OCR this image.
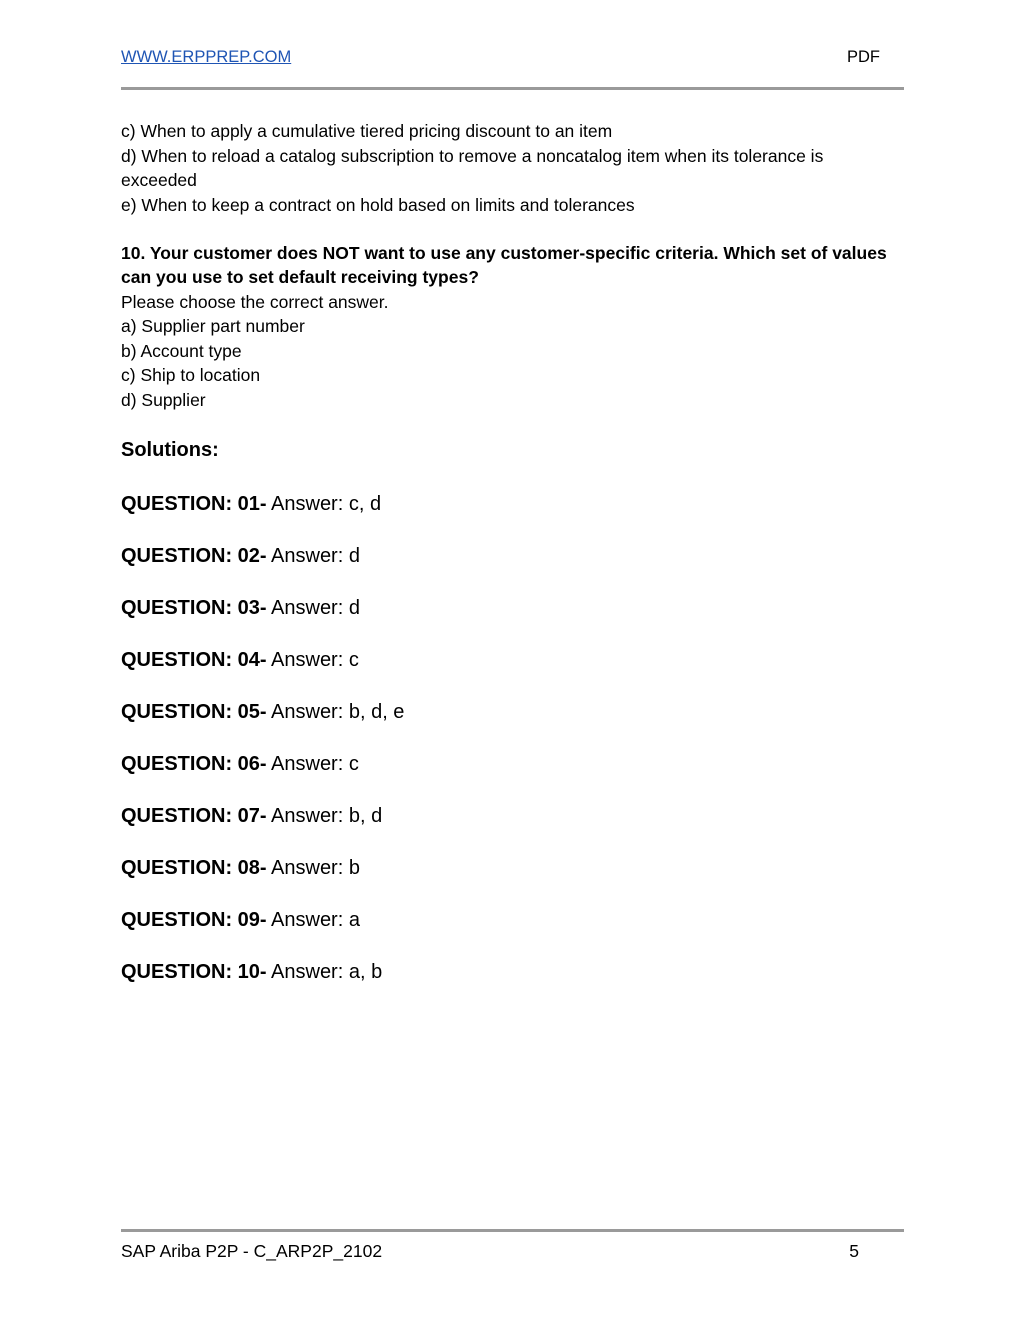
WWW.ERPPREP.COM	PDF

c) When to apply a cumulative tiered pricing discount to an item

d) When to reload a catalog subscription to remove a noncatalog item when its tolerance is exceeded

e) When to keep a contract on hold based on limits and tolerances

10. Your customer does NOT want to use any customer-specific criteria. Which set of values can you use to set default receiving types?

Please choose the correct answer.

a) Supplier part number

b) Account type

c) Ship to location

d) Supplier

Solutions:
QUESTION: 01- Answer: c, d
QUESTION: 02- Answer: d
QUESTION: 03- Answer: d
QUESTION: 04- Answer: c
QUESTION: 05- Answer: b, d, e
QUESTION: 06- Answer: c
QUESTION: 07- Answer: b, d
QUESTION: 08- Answer: b
QUESTION: 09- Answer: a
QUESTION: 10- Answer: a, b
SAP Ariba P2P - C_ARP2P_2102	5
